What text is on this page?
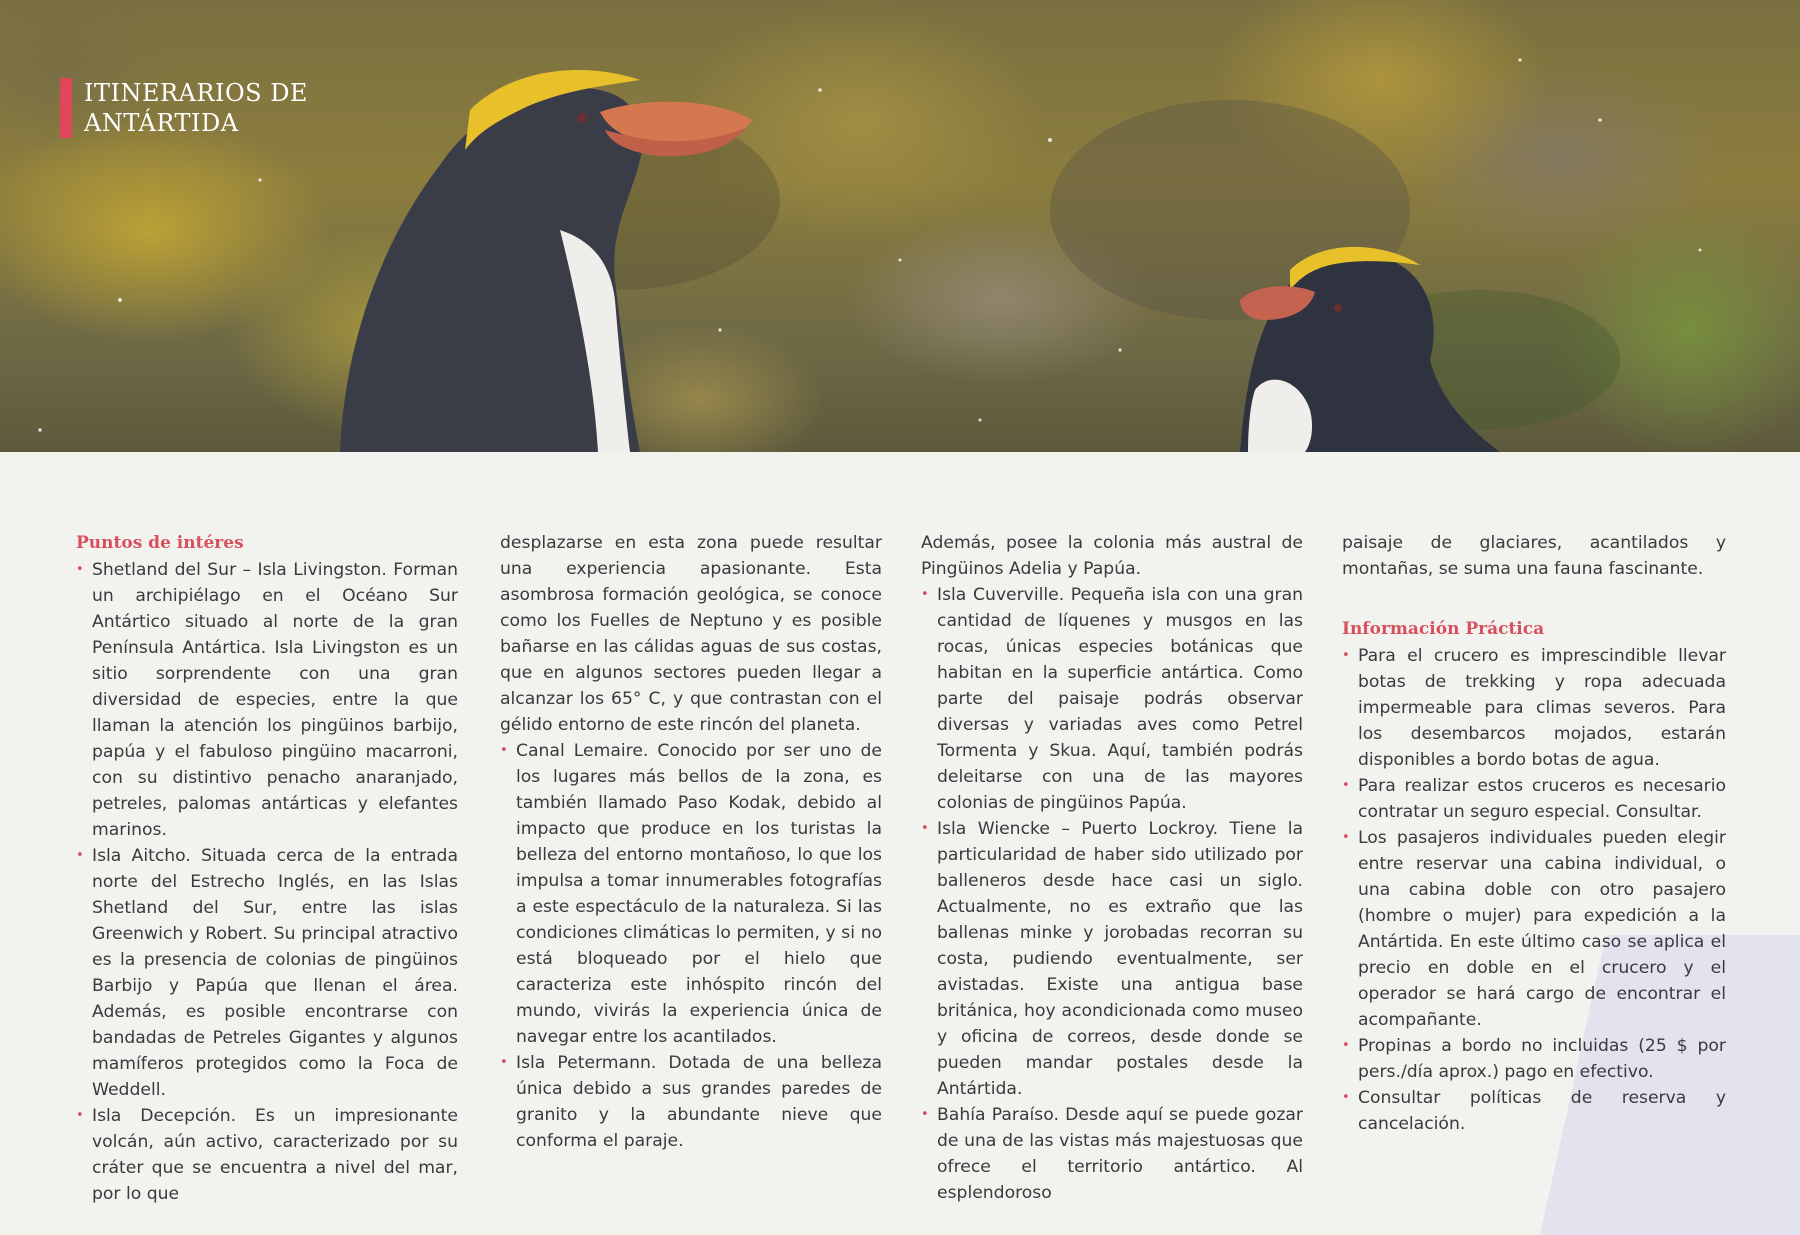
ITINERARIOS DE
ANTÁRTIDA
Puntos de intéres
• Shetland del Sur – Isla Livingston. Forman un archipiélago en el Océano Sur Antártico situado al norte de la gran Península Antártica. Isla Livingston es un sitio sorprendente con una gran diversidad de especies, entre la que llaman la atención los pingüinos barbijo, papúa y el fabuloso pingüino macarroni, con su distintivo penacho anaranjado, petreles, palomas antárticas y elefantes marinos.
• Isla Aitcho. Situada cerca de la entrada norte del Estrecho Inglés, en las Islas Shetland del Sur, entre las islas Greenwich y Robert. Su principal atractivo es la presencia de colonias de pingüinos Barbijo y Papúa que llenan el área. Además, es posible encontrarse con bandadas de Petreles Gigantes y algunos mamíferos protegidos como la Foca de Weddell.
• Isla Decepción. Es un impresionante volcán, aún activo, caracterizado por su cráter que se encuentra a nivel del mar, por lo que

desplazarse en esta zona puede resultar una experiencia apasionante. Esta asombrosa formación geológica, se conoce como los Fuelles de Neptuno y es posible bañarse en las cálidas aguas de sus costas, que en algunos sectores pueden llegar a alcanzar los 65° C, y que contrastan con el gélido entorno de este rincón del planeta.

• Canal Lemaire. Conocido por ser uno de los lugares más bellos de la zona, es también llamado Paso Kodak, debido al impacto que produce en los turistas la belleza del entorno montañoso, lo que los impulsa a tomar innumerables fotografías a este espectáculo de la naturaleza. Si las condiciones climáticas lo permiten, y si no está bloqueado por el hielo que caracteriza este inhóspito rincón del mundo, vivirás la experiencia única de navegar entre los acantilados.
• Isla Petermann. Dotada de una belleza única debido a sus grandes paredes de granito y la abundante nieve que conforma el paraje.

Además, posee la colonia más austral de Pingüinos Adelia y Papúa.

• Isla Cuverville. Pequeña isla con una gran cantidad de líquenes y musgos en las rocas, únicas especies botánicas que habitan en la superficie antártica. Como parte del paisaje podrás observar diversas y variadas aves como Petrel Tormenta y Skua. Aquí, también podrás deleitarse con una de las mayores colonias de pingüinos Papúa.
• Isla Wiencke – Puerto Lockroy. Tiene la particularidad de haber sido utilizado por balleneros desde hace casi un siglo. Actualmente, no es extraño que las ballenas minke y jorobadas recorran su costa, pudiendo eventualmente, ser avistadas. Existe una antigua base británica, hoy acondicionada como museo y oficina de correos, desde donde se pueden mandar postales desde la Antártida.
• Bahía Paraíso. Desde aquí se puede gozar de una de las vistas más majestuosas que ofrece el territorio antártico. Al esplendoroso

paisaje de glaciares, acantilados y montañas, se suma una fauna fascinante.

Información Práctica
• Para el crucero es imprescindible llevar botas de trekking y ropa adecuada impermeable para climas severos. Para los desembarcos mojados, estarán disponibles a bordo botas de agua.
• Para realizar estos cruceros es necesario contratar un seguro especial. Consultar.
• Los pasajeros individuales pueden elegir entre reservar una cabina individual, o una cabina doble con otro pasajero (hombre o mujer) para expedición a la Antártida. En este último caso se aplica el precio en doble en el crucero y el operador se hará cargo de encontrar el acompañante.
• Propinas a bordo no incluidas (25 $ por pers./día aprox.) pago en efectivo.
• Consultar políticas de reserva y cancelación.
